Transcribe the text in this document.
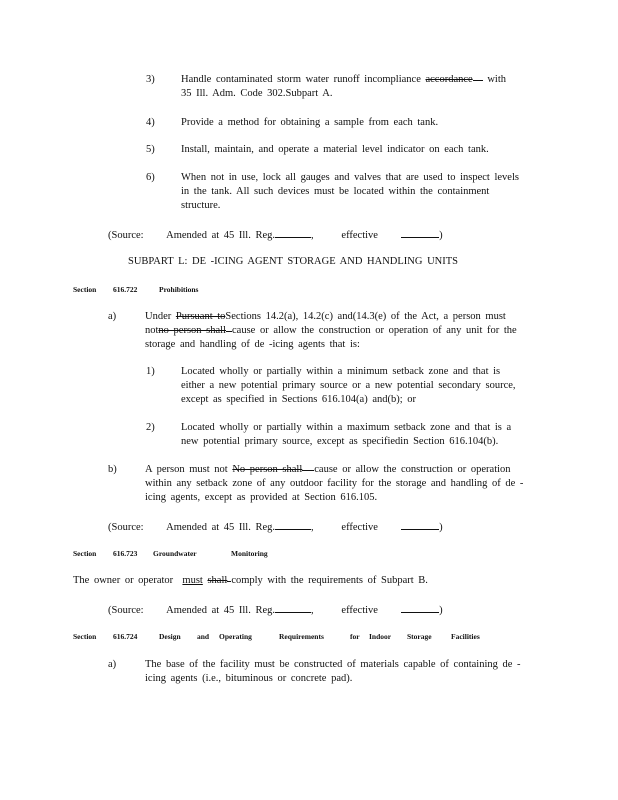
3)	Handle contaminated storm water runoff incompliance accordance with
35 Ill. Adm. Code 302.Subpart A.
4)	Provide a method for obtaining a sample from each tank.
5)	Install, maintain, and operate a material level indicator on each tank.
6)	When not in use, lock all gauges and valves that are used to inspect levels
in the tank. All such devices must be located within the containment
structure.
(Source: Amended at 45 Ill. Reg.	,	effective	)
SUBPART L: DE -ICING AGENT STORAGE AND HANDLING UNITS
Section 616.722	Prohibitions
a)	Under Pursuant toSections 14.2(a), 14.2(c) and(14.3(e) of the Act, a person must
notno person shall cause or allow the construction or operation of any unit for the
storage and handling of de -icing agents that is:
1)	Located wholly or partially within a minimum setback zone and that is
either a new potential primary source or a new potential secondary source,
except as specified in Sections 616.104(a) and(b); or
2)	Located wholly or partially within a maximum setback zone and that is a
new potential primary source, except as specifiedin Section 616.104(b).
b)	A person must not No person shall cause or allow the construction or operation
within any setback zone of any outdoor facility for the storage and handling of de -
icing agents, except as provided at Section 616.105.
(Source: Amended at 45 Ill. Reg.	,	effective	)
Section 616.723 Groundwater	Monitoring
The owner or operator must shall comply with the requirements of Subpart B.
(Source: Amended at 45 Ill. Reg.	,	effective	)
Section 616.724	Design and Operating	Requirements	for Indoor Storage	Facilities
a)	The base of the facility must be constructed of materials capable of containing de -
icing agents (i.e., bituminous or concrete pad).
